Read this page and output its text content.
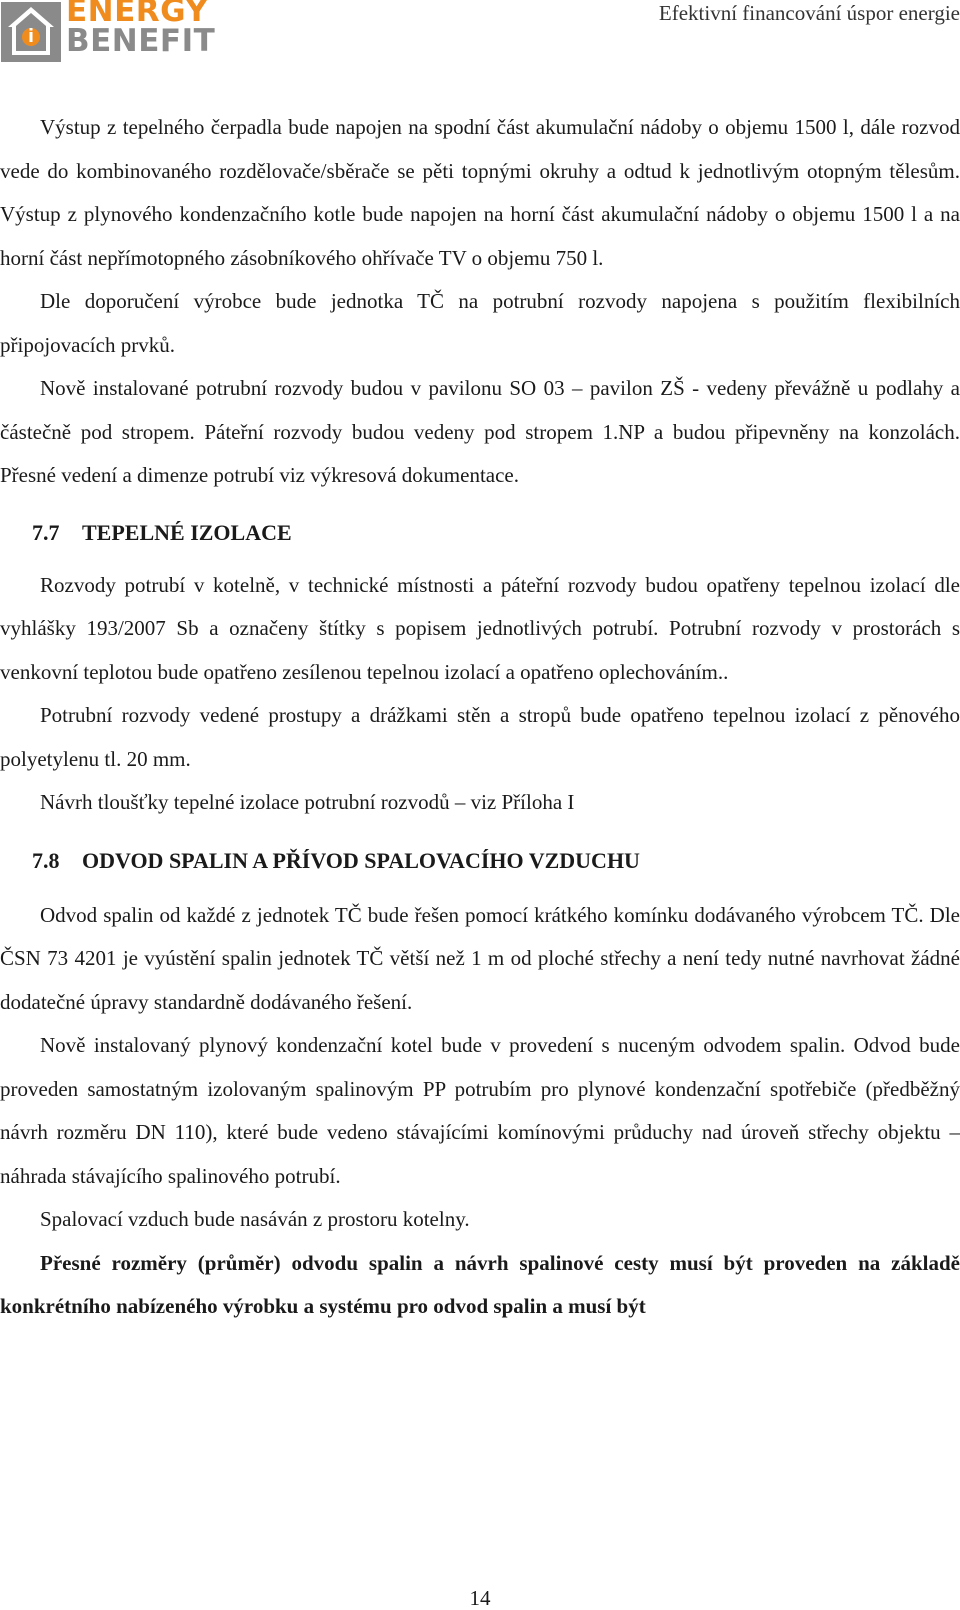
ENERGY
BENEFIT
Efektivní financování úspor energie

Výstup z tepelného čerpadla bude napojen na spodní část akumulační nádoby o objemu 1500 l, dále rozvod vede do kombinovaného rozdělovače/sběrače se pěti topnými okruhy a odtud k jednotlivým otopným tělesům. Výstup z plynového kondenzačního kotle bude napojen na horní část akumulační nádoby o objemu 1500 l a na horní část nepřímotopného zásobníkového ohřívače TV o objemu 750 l.

Dle doporučení výrobce bude jednotka TČ na potrubní rozvody napojena s použitím flexibilních připojovacích prvků.

Nově instalované potrubní rozvody budou v pavilonu SO 03 – pavilon ZŠ - vedeny převážně u podlahy a částečně pod stropem. Páteřní rozvody budou vedeny pod stropem 1.NP a budou připevněny na konzolách. Přesné vedení a dimenze potrubí viz výkresová dokumentace.

7.7 TEPELNÉ IZOLACE

Rozvody potrubí v kotelně, v technické místnosti a páteřní rozvody budou opatřeny tepelnou izolací dle vyhlášky 193/2007 Sb a označeny štítky s popisem jednotlivých potrubí. Potrubní rozvody v prostorách s venkovní teplotou bude opatřeno zesílenou tepelnou izolací a opatřeno oplechováním..

Potrubní rozvody vedené prostupy a drážkami stěn a stropů bude opatřeno tepelnou izolací z pěnového polyetylenu tl. 20 mm.

Návrh tloušťky tepelné izolace potrubní rozvodů – viz Příloha I

7.8 ODVOD SPALIN A PŘÍVOD SPALOVACÍHO VZDUCHU

Odvod spalin od každé z jednotek TČ bude řešen pomocí krátkého komínku dodávaného výrobcem TČ. Dle ČSN 73 4201 je vyústění spalin jednotek TČ větší než 1 m od ploché střechy a není tedy nutné navrhovat žádné dodatečné úpravy standardně dodávaného řešení.

Nově instalovaný plynový kondenzační kotel bude v provedení s nuceným odvodem spalin. Odvod bude proveden samostatným izolovaným spalinovým PP potrubím pro plynové kondenzační spotřebiče (předběžný návrh rozměru DN 110), které bude vedeno stávajícími komínovými průduchy nad úroveň střechy objektu – náhrada stávajícího spalinového potrubí.

Spalovací vzduch bude nasáván z prostoru kotelny.

Přesné rozměry (průměr) odvodu spalin a návrh spalinové cesty musí být proveden na základě konkrétního nabízeného výrobku a systému pro odvod spalin a musí být

14
